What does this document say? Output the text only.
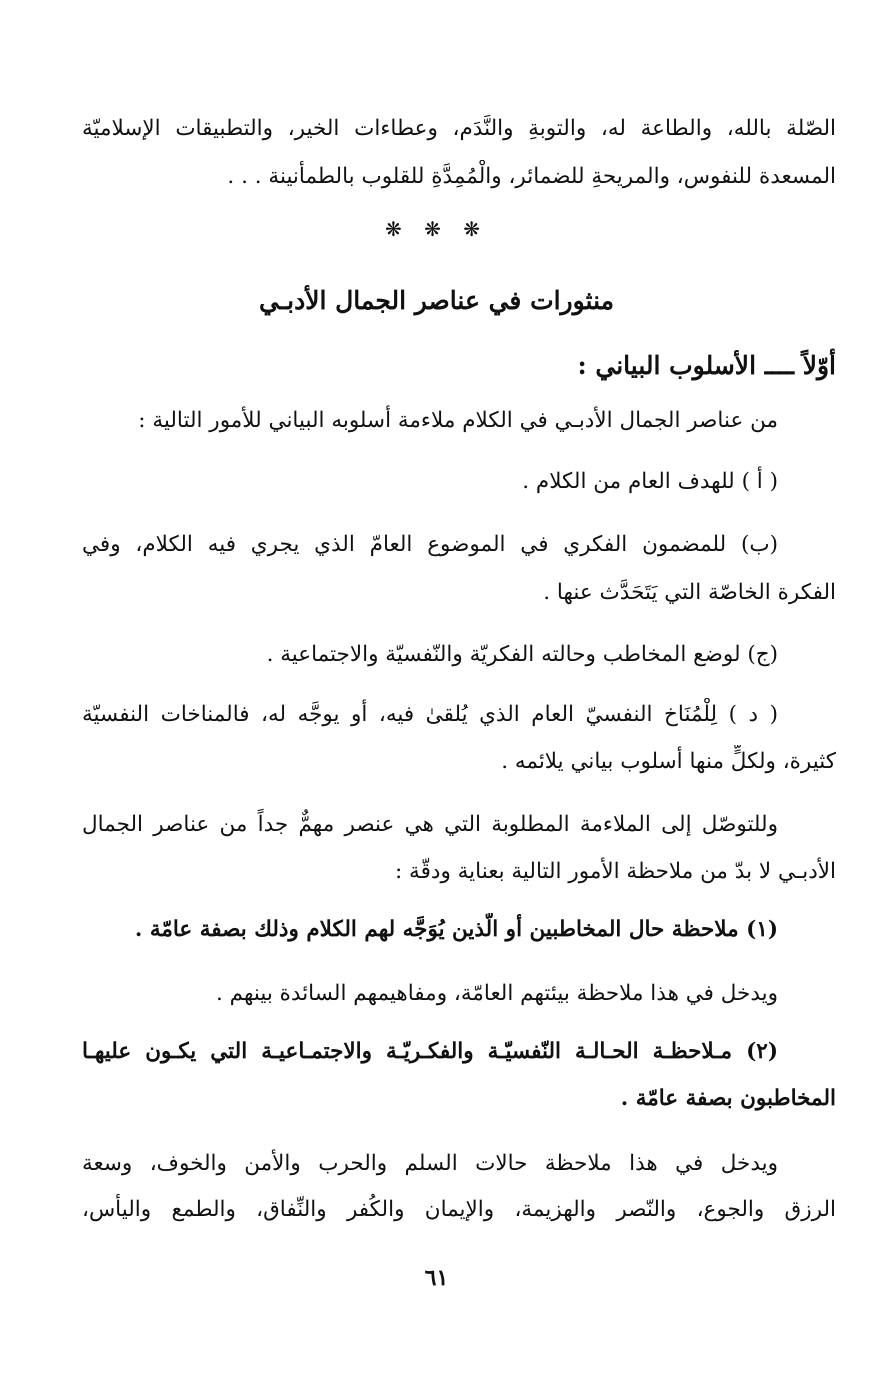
الصّلة بالله، والطاعة له، والتوبةِ والنَّدَم، وعطاءات الخير، والتطبيقات الإسلاميّة
المسعدة للنفوس، والمريحةِ للضمائر، والْمُمِدَّةِ للقلوب بالطمأنينة . . .
❋ ❋ ❋
منثورات في عناصر الجمال الأدبـي
أوّلاً ــــ الأسلوب البياني :
من عناصر الجمال الأدبـي في الكلام ملاءمة أسلوبه البياني للأمور التالية :
( أ ) للهدف العام من الكلام .
(ب) للمضمون الفكري في الموضوع العامّ الذي يجري فيه الكلام، وفي
الفكرة الخاصّة التي يَتَحَدَّث عنها .
(ج) لوضع المخاطب وحالته الفكريّة والنّفسيّة والاجتماعية .
( د ) لِلْمُنَاخ النفسيّ العام الذي يُلقىٰ فيه، أو يوجَّه له، فالمناخات النفسيّة
كثيرة، ولكلٍّ منها أسلوب بياني يلائمه .
وللتوصّل إلى الملاءمة المطلوبة التي هي عنصر مهمٌّ جداً من عناصر الجمال
الأدبـي لا بدّ من ملاحظة الأمور التالية بعناية ودقّة :
(١) ملاحظة حال المخاطبين أو الّذين يُوَجَّه لهم الكلام وذلك بصفة عامّة .
ويدخل في هذا ملاحظة بيئتهم العامّة، ومفاهيمهم السائدة بينهم .
(٢) مـلاحظـة الحـالـة النّفسيّـة والفكـريّـة والاجتمـاعيـة التي يكـون عليهـا
المخاطبون بصفة عامّة .
ويدخل في هذا ملاحظة حالات السلم والحرب والأمن والخوف، وسعة
الرزق والجوع، والنّصر والهزيمة، والإيمان والكُفر والنِّفاق، والطمع واليأس،
٦١
